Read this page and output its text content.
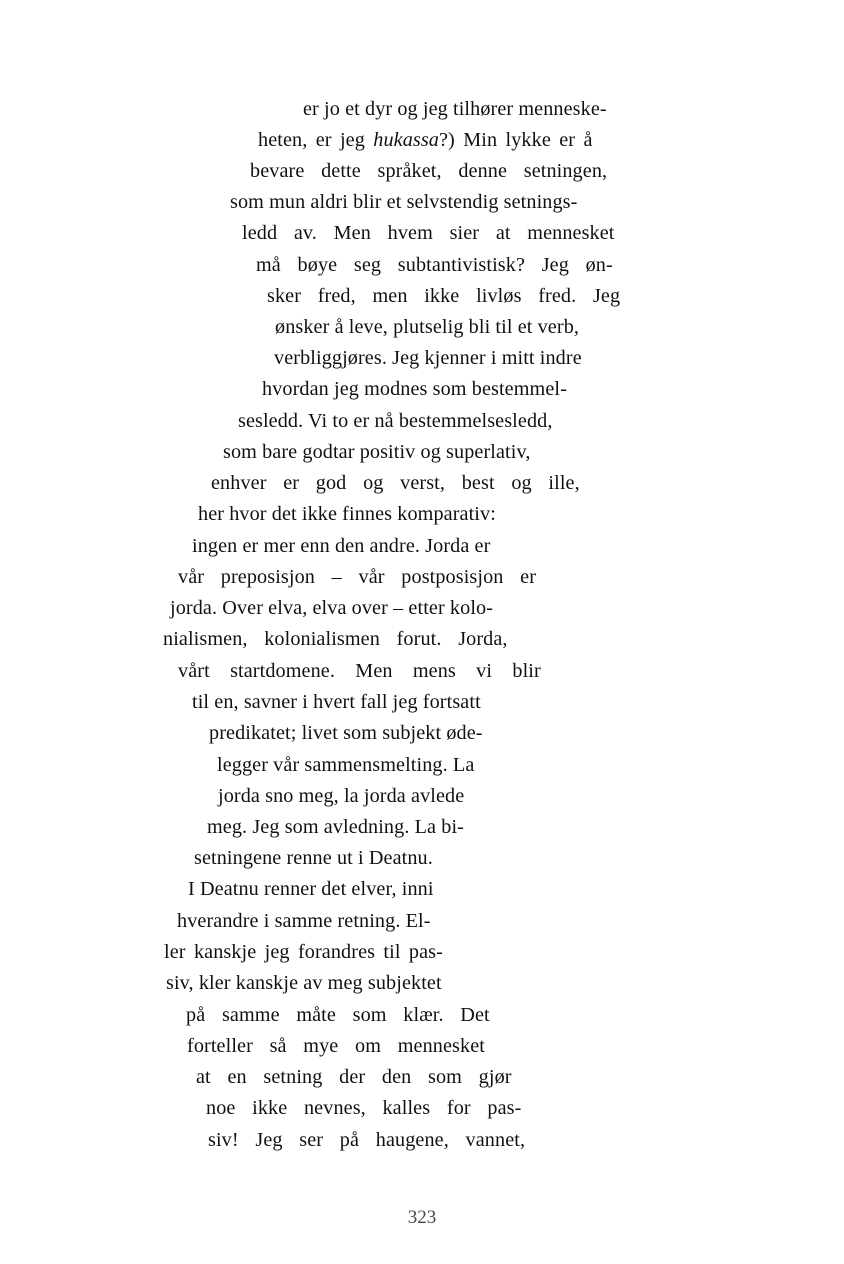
er jo et dyr og jeg tilhører menneske-
heten, er jeg hukassa?) Min lykke er å
bevare  dette  språket,  denne  setningen,
som mun aldri blir et selvstendig setnings-
ledd  av.  Men  hvem  sier  at  mennesket
må  bøye  seg  subtantivistisk?  Jeg  øn-
sker  fred,  men  ikke  livløs  fred.  Jeg
ønsker å leve, plutselig bli til et verb,
verbliggjøres. Jeg kjenner i mitt indre
hvordan jeg modnes som bestemmel-
sesledd. Vi to er nå bestemmelsesledd,
som bare godtar positiv og superlativ,
enhver  er  god  og  verst,  best  og  ille,
her hvor det ikke finnes komparativ:
ingen er mer enn den andre. Jorda er
vår  preposisjon  –  vår  postposisjon  er
jorda. Over elva, elva over – etter kolo-
nialismen,  kolonialismen  forut.  Jorda,
vårt  startdomene.  Men  mens  vi  blir
til en, savner i hvert fall jeg fortsatt
predikatet; livet som subjekt øde-
legger vår sammensmelting. La
jorda sno meg, la jorda avlede
meg. Jeg som avledning. La bi-
setningene renne ut i Deatnu.
I Deatnu renner det elver, inni
hverandre i samme retning. El-
ler kanskje jeg forandres til pas-
siv, kler kanskje av meg subjektet
på  samme  måte  som  klær.  Det
forteller  så  mye  om  mennesket
at  en  setning  der  den  som  gjør
noe  ikke  nevnes,  kalles  for  pas-
siv!  Jeg  ser  på  haugene,  vannet,
323
